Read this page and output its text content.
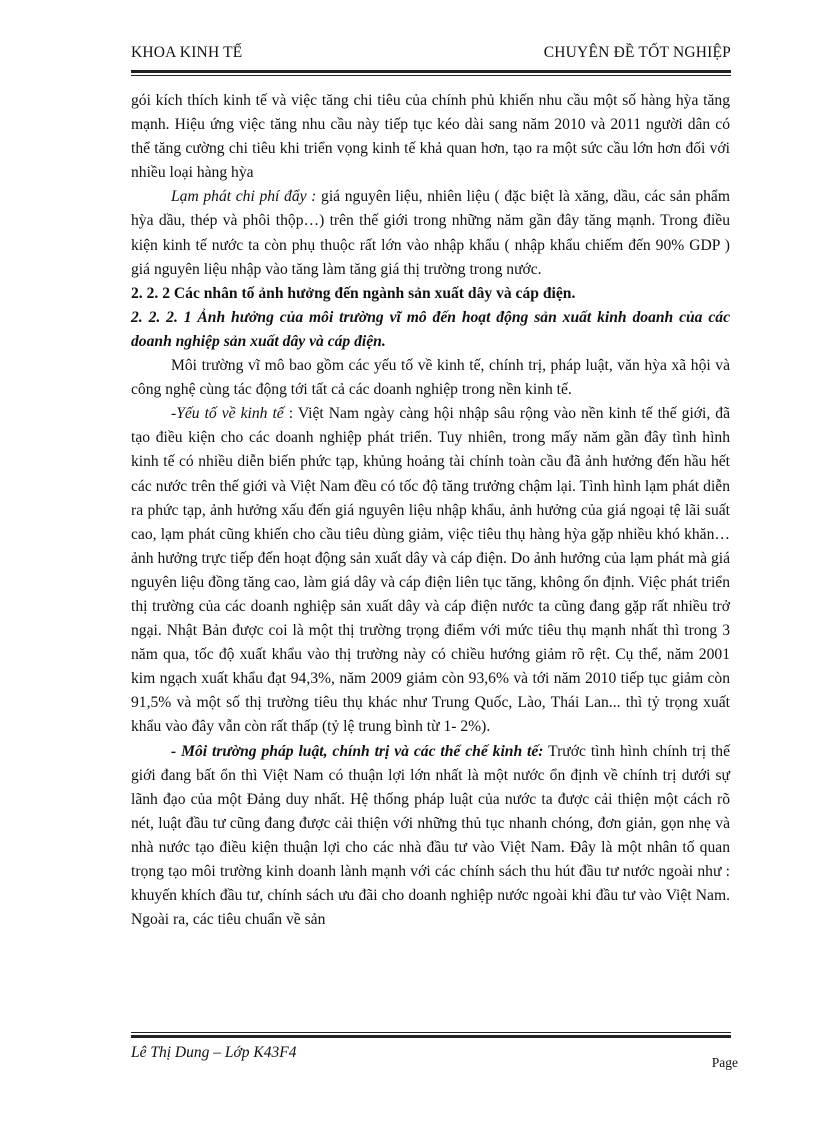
KHOA KINH TẾ	CHUYÊN ĐỀ TỐT NGHIỆP

gói kích thích kinh tế và việc tăng chi tiêu của chính phủ khiến nhu cầu một số hàng hỳa tăng mạnh. Hiệu ứng việc tăng nhu cầu này tiếp tục kéo dài sang năm 2010 và 2011 người dân có thể tăng cường chi tiêu khi triển vọng kinh tế khả quan hơn, tạo ra một sức cầu lớn hơn đối với nhiều loại hàng hỳa

Lạm phát chi phí đẩy : giá nguyên liệu, nhiên liệu ( đặc biệt là xăng, dầu, các sản phẩm hỳa dầu, thép và phôi thộp…) trên thế giới trong những năm gần đây tăng mạnh. Trong điều kiện kinh tế nước ta còn phụ thuộc rất lớn vào nhập khẩu ( nhập khẩu chiếm đến 90% GDP ) giá nguyên liệu nhập vào tăng làm tăng giá thị trường trong nước.

2. 2. 2 Các nhân tố ảnh hưởng đến ngành sản xuất dây và cáp điện.

2. 2. 2. 1 Ảnh hưởng của môi trường vĩ mô đến hoạt động sản xuất kinh doanh của các doanh nghiệp sản xuất dây và cáp điện.

Môi trường vĩ mô bao gồm các yếu tố về kinh tế, chính trị, pháp luật, văn hỳa xã hội và công nghệ cùng tác động tới tất cả các doanh nghiệp trong nền kinh tế.

-Yếu tố về kinh tế : Việt Nam ngày càng hội nhập sâu rộng vào nền kinh tế thế giới, đã tạo điều kiện cho các doanh nghiệp phát triển. Tuy nhiên, trong mấy năm gần đây tình hình kinh tế có nhiều diễn biến phức tạp, khủng hoảng tài chính toàn cầu đã ảnh hưởng đến hầu hết các nước trên thế giới và Việt Nam đều có tốc độ tăng trưởng chậm lại. Tình hình lạm phát diễn ra phức tạp, ảnh hưởng xấu đến giá nguyên liệu nhập khẩu, ảnh hưởng của giá ngoại tệ lãi suất cao, lạm phát cũng khiến cho cầu tiêu dùng giảm, việc tiêu thụ hàng hỳa gặp nhiều khó khăn… ảnh hưởng trực tiếp đến hoạt động sản xuất dây và cáp điện. Do ảnh hưởng của lạm phát mà giá nguyên liệu đồng tăng cao, làm giá dây và cáp điện liên tục tăng, không ổn định. Việc phát triển thị trường của các doanh nghiệp sản xuất dây và cáp điện nước ta cũng đang gặp rất nhiều trở ngại. Nhật Bản được coi là một thị trường trọng điểm với mức tiêu thụ mạnh nhất thì trong 3 năm qua, tốc độ xuất khẩu vào thị trường này có chiều hướng giảm rõ rệt. Cụ thể, năm 2001 kim ngạch xuất khẩu đạt 94,3%, năm 2009 giảm còn 93,6% và tới năm 2010 tiếp tục giảm còn 91,5% và một số thị trường tiêu thụ khác như Trung Quốc, Lào, Thái Lan... thì tỷ trọng xuất khẩu vào đây vẫn còn rất thấp (tỷ lệ trung bình từ 1- 2%).

- Môi trường pháp luật, chính trị và các thể chế kinh tế: Trước tình hình chính trị thế giới đang bất ổn thì Việt Nam có thuận lợi lớn nhất là một nước ổn định về chính trị dưới sự lãnh đạo của một Đảng duy nhất. Hệ thống pháp luật của nước ta được cải thiện một cách rõ nét, luật đầu tư cũng đang được cải thiện với những thủ tục nhanh chóng, đơn giản, gọn nhẹ và nhà nước tạo điều kiện thuận lợi cho các nhà đầu tư vào Việt Nam. Đây là một nhân tố quan trọng tạo môi trường kinh doanh lành mạnh với các chính sách thu hút đầu tư nước ngoài như : khuyến khích đầu tư, chính sách ưu đãi cho doanh nghiệp nước ngoài khi đầu tư vào Việt Nam. Ngoài ra, các tiêu chuẩn về sản

Lê Thị Dung – Lớp K43F4
Page
